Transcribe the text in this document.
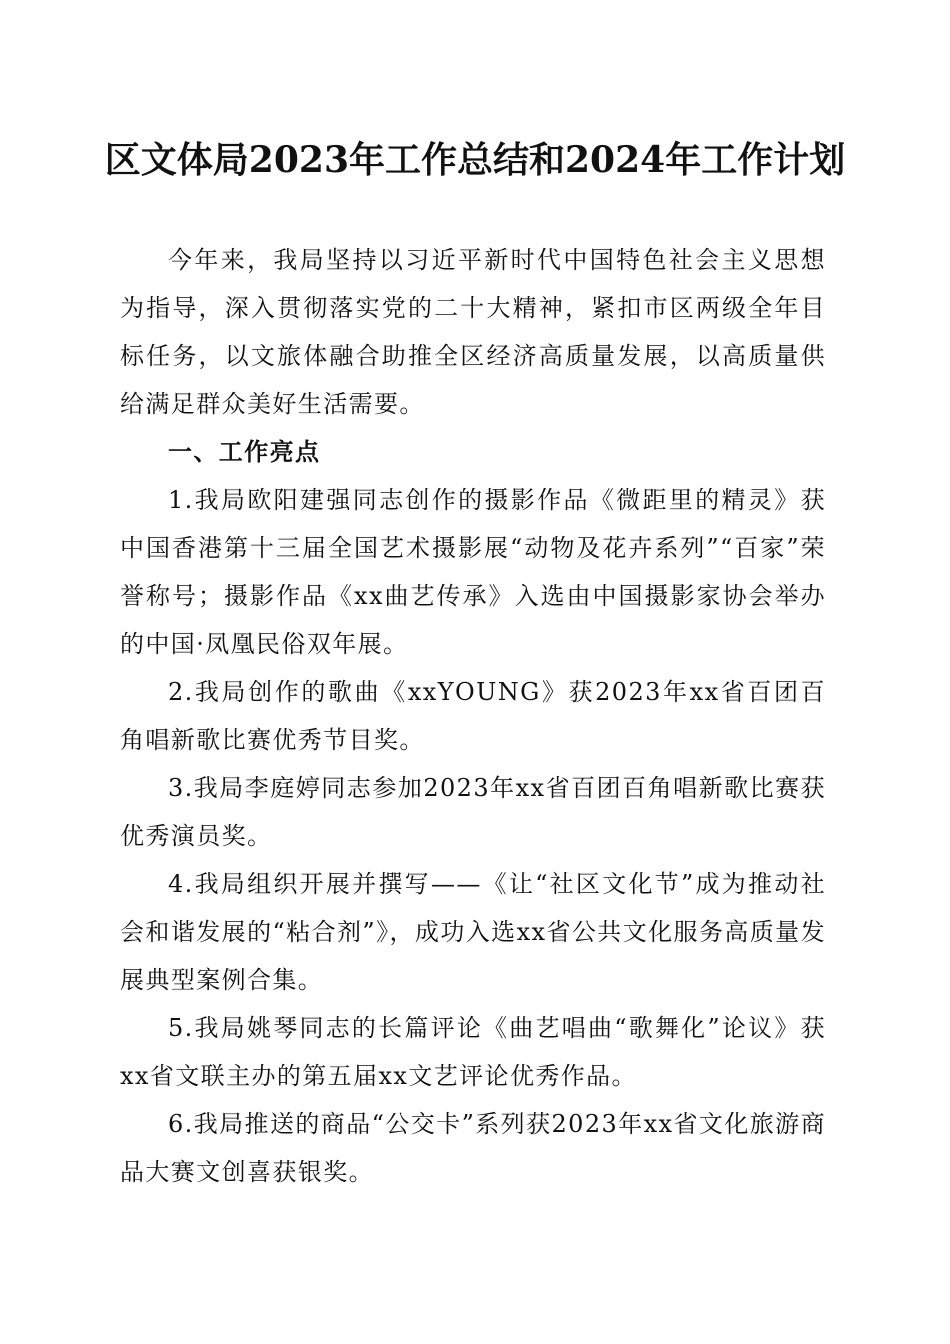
区文体局2023年工作总结和2024年工作计划

今年来，我局坚持以习近平新时代中国特色社会主义思想为指导，深入贯彻落实党的二十大精神，紧扣市区两级全年目标任务，以文旅体融合助推全区经济高质量发展，以高质量供给满足群众美好生活需要。

一、工作亮点

1.我局欧阳建强同志创作的摄影作品《微距里的精灵》获中国香港第十三届全国艺术摄影展“动物及花卉系列”“百家”荣誉称号；摄影作品《xx曲艺传承》入选由中国摄影家协会举办的中国·凤凰民俗双年展。

2.我局创作的歌曲《xxYOUNG》获2023年xx省百团百角唱新歌比赛优秀节目奖。

3.我局李庭婷同志参加2023年xx省百团百角唱新歌比赛获优秀演员奖。

4.我局组织开展并撰写——《让“社区文化节”成为推动社会和谐发展的“粘合剂”》，成功入选xx省公共文化服务高质量发展典型案例合集。

5.我局姚琴同志的长篇评论《曲艺唱曲“歌舞化”论议》获xx省文联主办的第五届xx文艺评论优秀作品。

6.我局推送的商品“公交卡”系列获2023年xx省文化旅游商品大赛文创喜获银奖。
